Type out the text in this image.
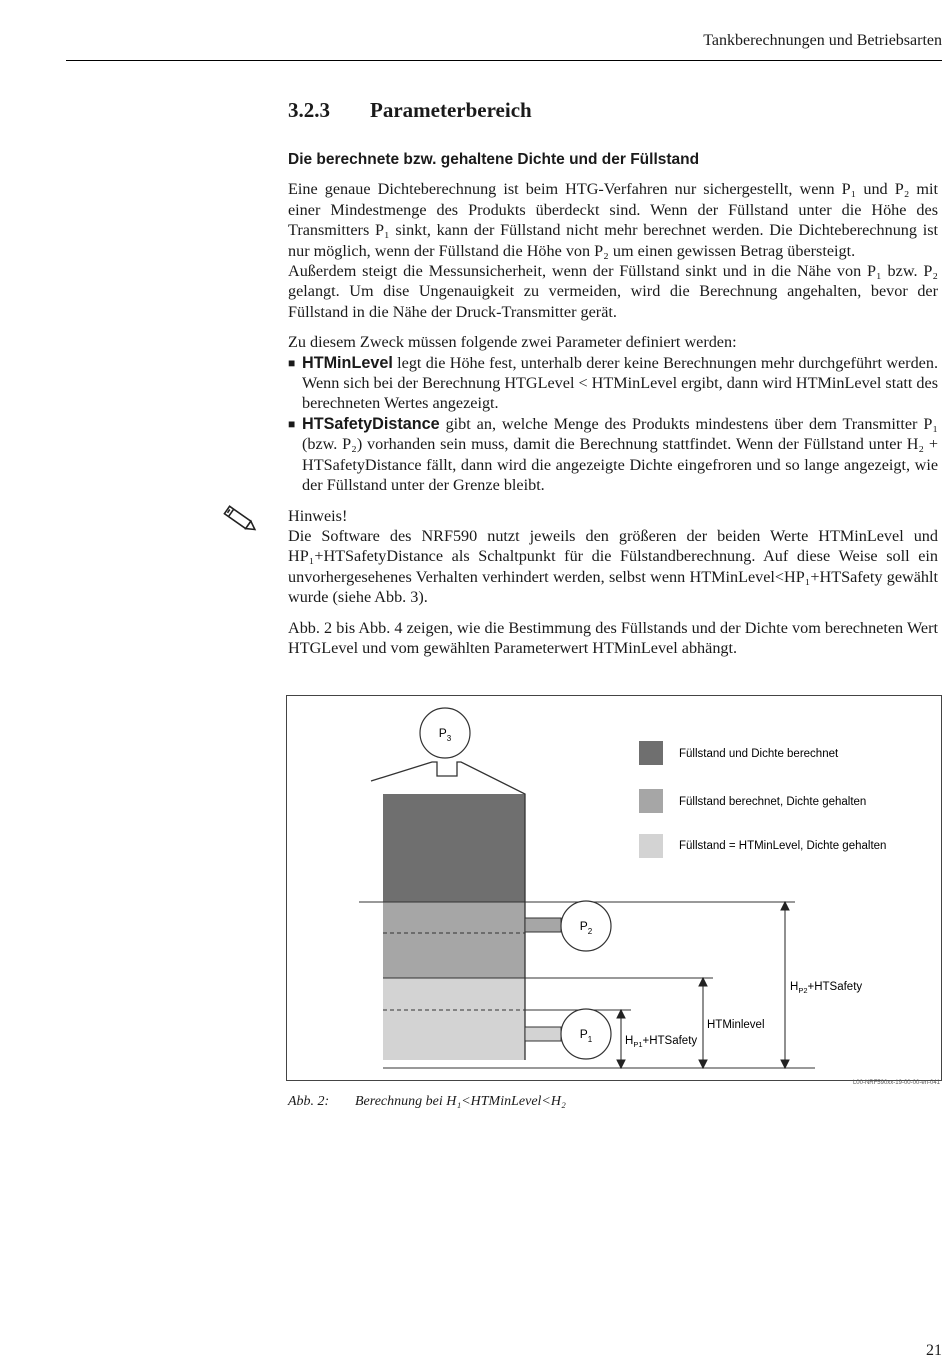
Tankberechnungen und Betriebsarten
3.2.3 Parameterbereich
Die berechnete bzw. gehaltene Dichte und der Füllstand

Eine genaue Dichteberechnung ist beim HTG-Verfahren nur sichergestellt, wenn P₁ und P₂ mit einer Mindestmenge des Produkts überdeckt sind. Wenn der Füllstand unter die Höhe des Transmitters P₁ sinkt, kann der Füllstand nicht mehr berechnet werden. Die Dichteberechnung ist nur möglich, wenn der Füllstand die Höhe von P₂ um einen gewissen Betrag übersteigt.
Außerdem steigt die Messunsicherheit, wenn der Füllstand sinkt und in die Nähe von P₁ bzw. P₂ gelangt. Um dise Ungenauigkeit zu vermeiden, wird die Berechnung angehalten, bevor der Füllstand in die Nähe der Druck-Transmitter gerät.

Zu diesem Zweck müssen folgende zwei Parameter definiert werden:

■ HTMinLevel legt die Höhe fest, unterhalb derer keine Berechnungen mehr durchgeführt werden. Wenn sich bei der Berechnung HTGLevel < HTMinLevel ergibt, dann wird HTMinLevel statt des berechneten Wertes angezeigt.
■ HTSafetyDistance gibt an, welche Menge des Produkts mindestens über dem Transmitter P₁ (bzw. P₂) vorhanden sein muss, damit die Berechnung stattfindet. Wenn der Füllstand unter H₂ + HTSafetyDistance fällt, dann wird die angezeigte Dichte eingefroren und so lange angezeigt, wie der Füllstand unter der Grenze bleibt.

Hinweis!
Die Software des NRF590 nutzt jeweils den größeren der beiden Werte HTMinLevel und HP₁+HTSafetyDistance als Schaltpunkt für die Fülstandberechnung. Auf diese Weise soll ein unvorhergesehenes Verhalten verhindert werden, selbst wenn HTMinLevel<HP₁+HTSafety gewählt wurde (siehe Abb. 3).

Abb. 2 bis Abb. 4 zeigen, wie die Bestimmung des Füllstands und der Dichte vom berechneten Wert HTGLevel und vom gewählten Parameterwert HTMinLevel abhängt.

$P_3$
$P_2$
$P_1$	$H_{P1}+HTSafety$
HTMinlevel
$H_{P2}+HTSafety$
Füllstand und Dichte berechnet
Füllstand berechnet, Dichte gehalten
Füllstand = HTMinLevel, Dichte gehalten
L00-NRF590xx-19-00-00-en-041
Abb. 2: Berechnung bei H₁<HTMinLevel<H₂
21
